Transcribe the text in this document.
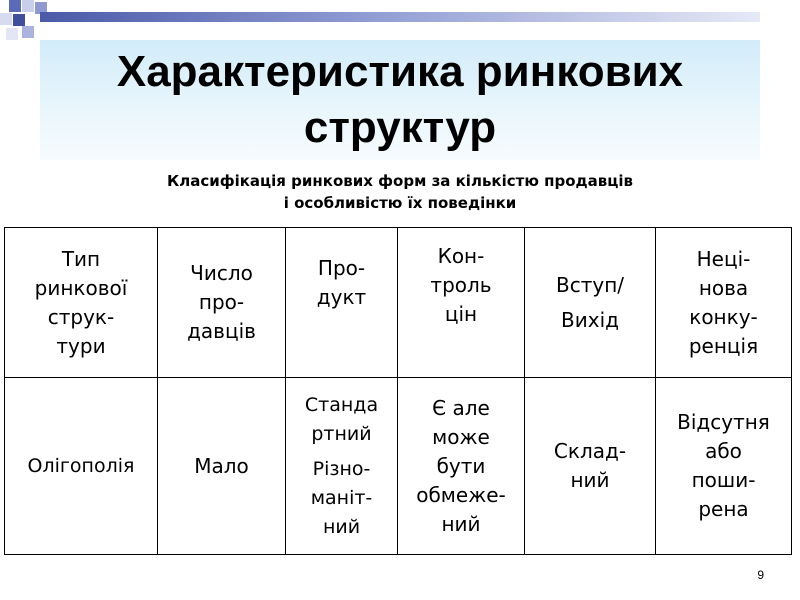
Характеристика ринкових структур
Класифікація ринкових форм за кількістю продавців
і особливістю їх поведінки
Тип
ринкової
струк-
тури	Число
про-
давців	Про-
дукт	Кон-
троль
цін	Вступ/
Вихід	Неці-
нова
конку-
ренція

Олігополія	Мало	Станда
ртний
Різно-
маніт-
ний	Є але
може
бути
обмеже-
ний	Склад-
ний	Відсутня
або
поши-
рена
9
